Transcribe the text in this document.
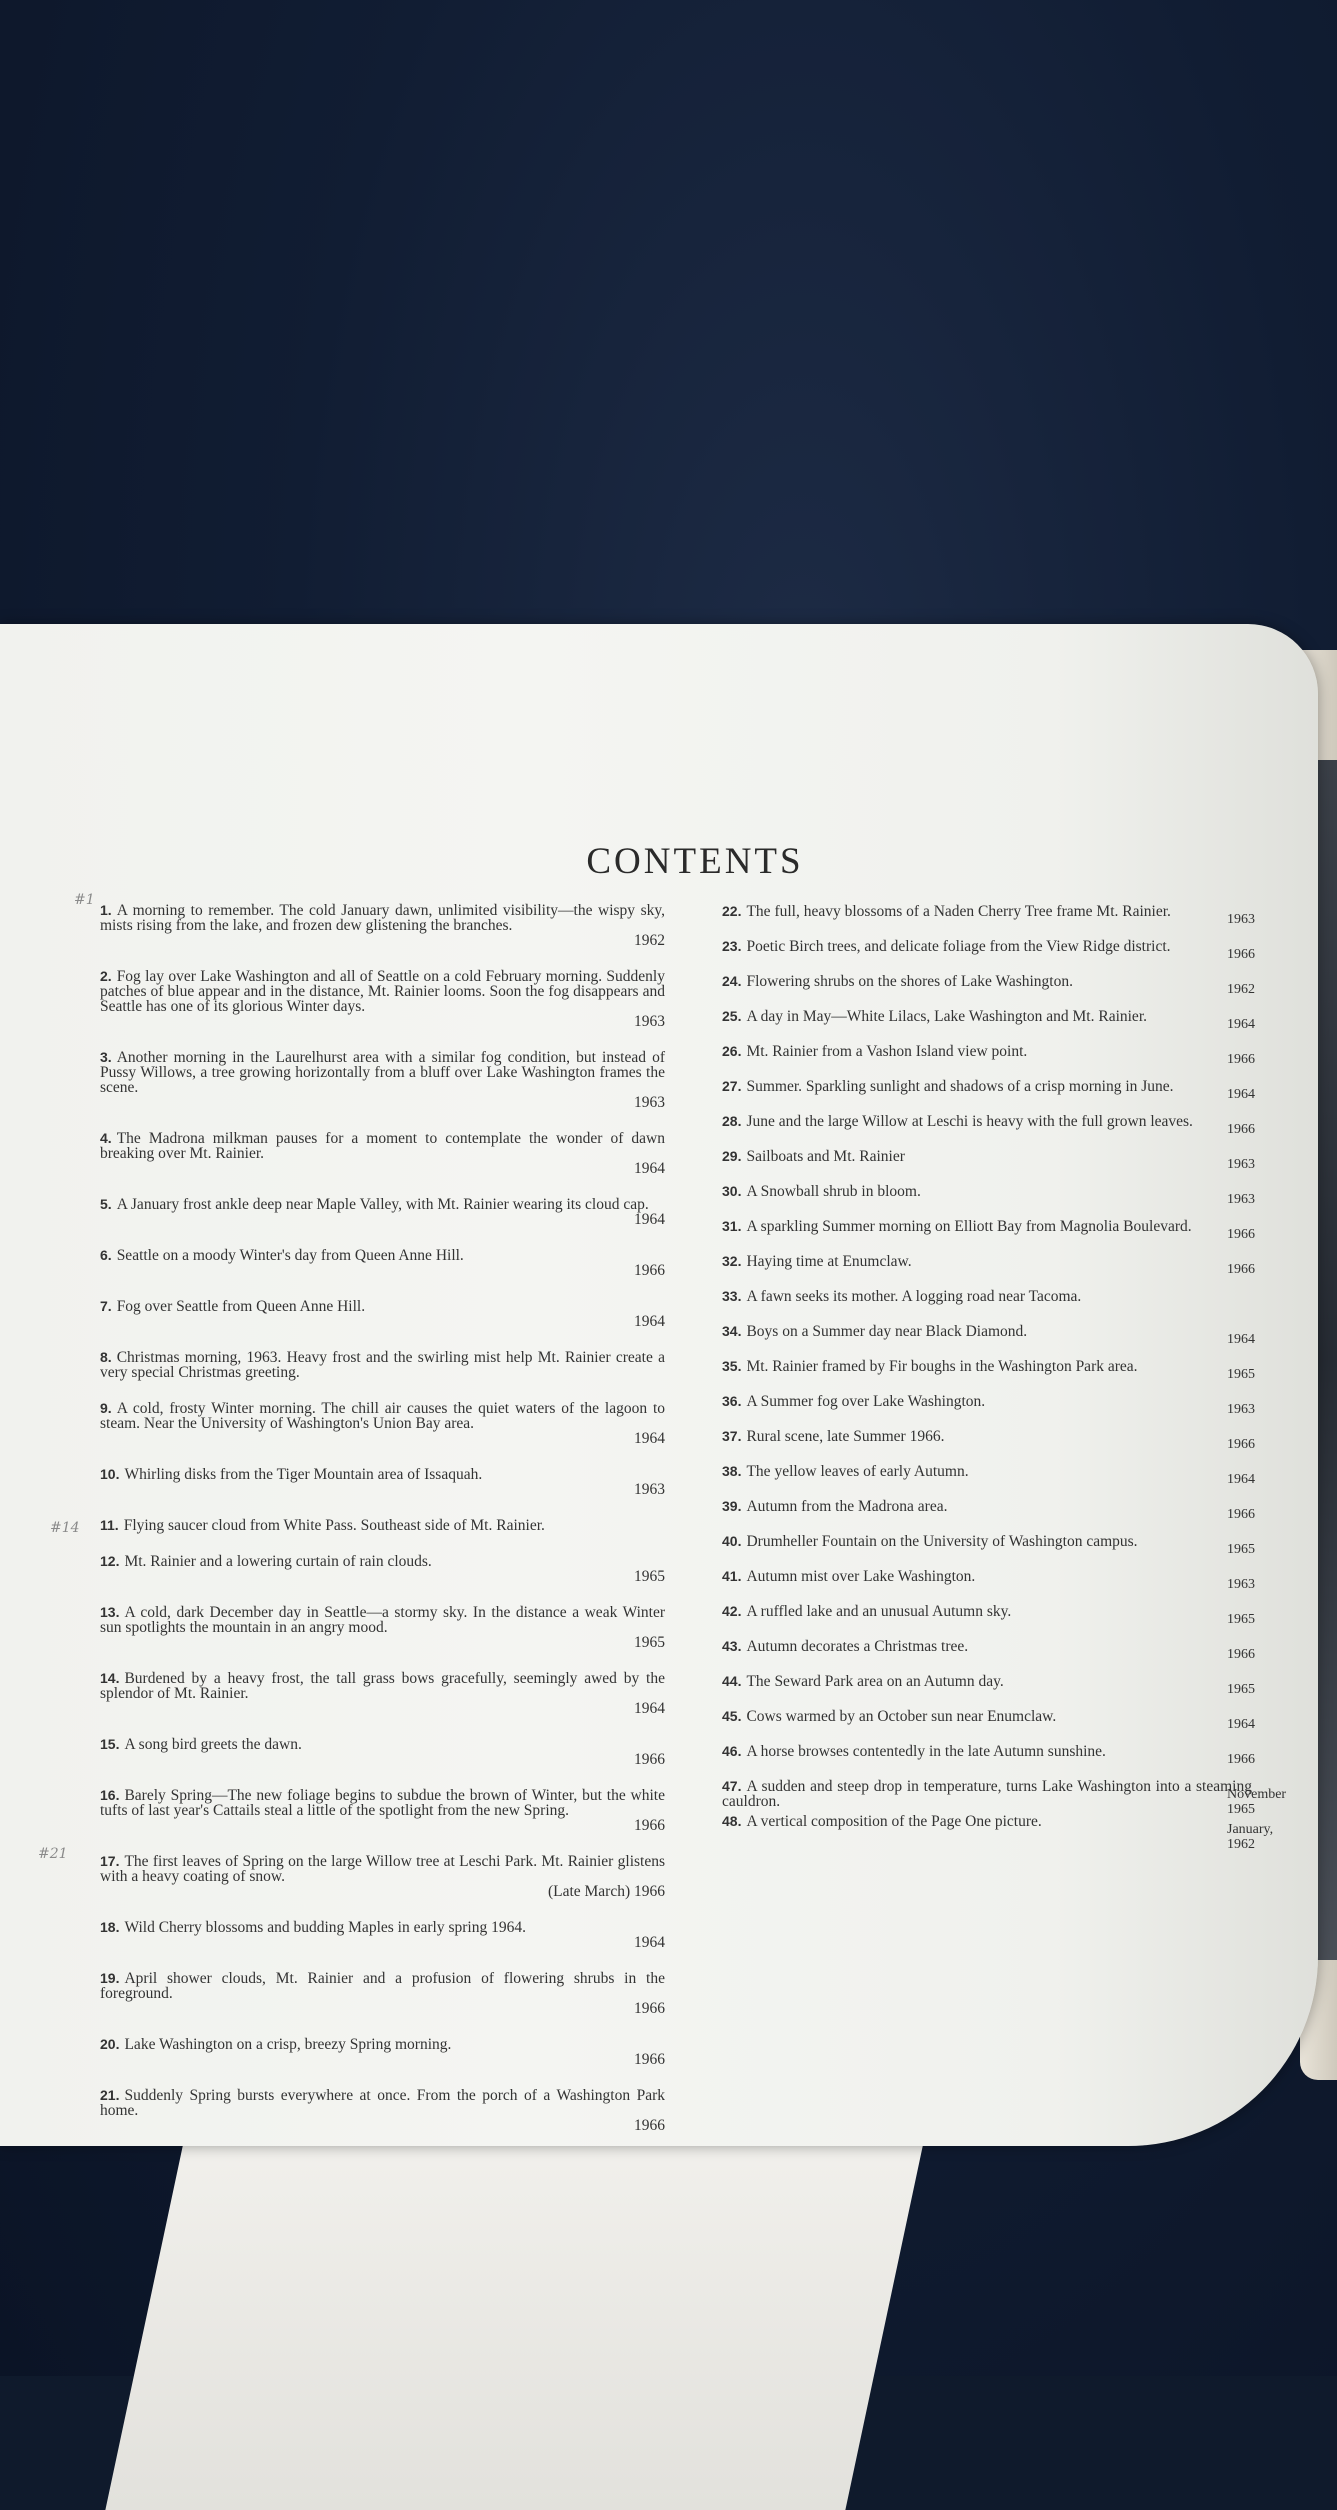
CONTENTS
#1
#14
#21
1. A morning to remember. The cold January dawn, unlimited visibility—the wispy sky, mists rising from the lake, and frozen dew glistening the branches.
1962
2. Fog lay over Lake Washington and all of Seattle on a cold February morning. Suddenly patches of blue appear and in the distance, Mt. Rainier looms. Soon the fog disappears and Seattle has one of its glorious Winter days.
1963
3. Another morning in the Laurelhurst area with a similar fog condition, but instead of Pussy Willows, a tree growing horizontally from a bluff over Lake Washington frames the scene.
1963
4. The Madrona milkman pauses for a moment to contemplate the wonder of dawn breaking over Mt. Rainier.
1964
5. A January frost ankle deep near Maple Valley, with Mt. Rainier wearing its cloud cap.
1964
6. Seattle on a moody Winter's day from Queen Anne Hill.
1966
7. Fog over Seattle from Queen Anne Hill.
1964
8. Christmas morning, 1963. Heavy frost and the swirling mist help Mt. Rainier create a very special Christmas greeting.
9. A cold, frosty Winter morning. The chill air causes the quiet waters of the lagoon to steam. Near the University of Washington's Union Bay area.
1964
10. Whirling disks from the Tiger Mountain area of Issaquah.
1963
11. Flying saucer cloud from White Pass. Southeast side of Mt. Rainier.
12. Mt. Rainier and a lowering curtain of rain clouds.
1965
13. A cold, dark December day in Seattle—a stormy sky. In the distance a weak Winter sun spotlights the mountain in an angry mood.
1965
14. Burdened by a heavy frost, the tall grass bows gracefully, seemingly awed by the splendor of Mt. Rainier.
1964
15. A song bird greets the dawn.
1966
16. Barely Spring—The new foliage begins to subdue the brown of Winter, but the white tufts of last year's Cattails steal a little of the spotlight from the new Spring.
1966
17. The first leaves of Spring on the large Willow tree at Leschi Park. Mt. Rainier glistens with a heavy coating of snow.
(Late March) 1966
18. Wild Cherry blossoms and budding Maples in early spring 1964.
1964
19. April shower clouds, Mt. Rainier and a profusion of flowering shrubs in the foreground.
1966
20. Lake Washington on a crisp, breezy Spring morning.
1966
21. Suddenly Spring bursts everywhere at once. From the porch of a Washington Park home.
1966
22. The full, heavy blossoms of a Naden Cherry Tree frame Mt. Rainier.	1963
23. Poetic Birch trees, and delicate foliage from the View Ridge district.	1966
24. Flowering shrubs on the shores of Lake Washington.	1962
25. A day in May—White Lilacs, Lake Washington and Mt. Rainier.	1964
26. Mt. Rainier from a Vashon Island view point.	1966
27. Summer. Sparkling sunlight and shadows of a crisp morning in June.	1964
28. June and the large Willow at Leschi is heavy with the full grown leaves.	1966
29. Sailboats and Mt. Rainier	1963
30. A Snowball shrub in bloom.	1963
31. A sparkling Summer morning on Elliott Bay from Magnolia Boulevard.	1966
32. Haying time at Enumclaw.	1966
33. A fawn seeks its mother. A logging road near Tacoma.
34. Boys on a Summer day near Black Diamond.	1964
35. Mt. Rainier framed by Fir boughs in the Washington Park area.	1965
36. A Summer fog over Lake Washington.	1963
37. Rural scene, late Summer 1966.	1966
38. The yellow leaves of early Autumn.	1964
39. Autumn from the Madrona area.	1966
40. Drumheller Fountain on the University of Washington campus.	1965
41. Autumn mist over Lake Washington.	1963
42. A ruffled lake and an unusual Autumn sky.	1965
43. Autumn decorates a Christmas tree.	1966
44. The Seward Park area on an Autumn day.	1965
45. Cows warmed by an October sun near Enumclaw.	1964
46. A horse browses contentedly in the late Autumn sunshine.	1966
47. A sudden and steep drop in temperature, turns Lake Washington into a steaming cauldron.	November 1965
48. A vertical composition of the Page One picture.	January, 1962
